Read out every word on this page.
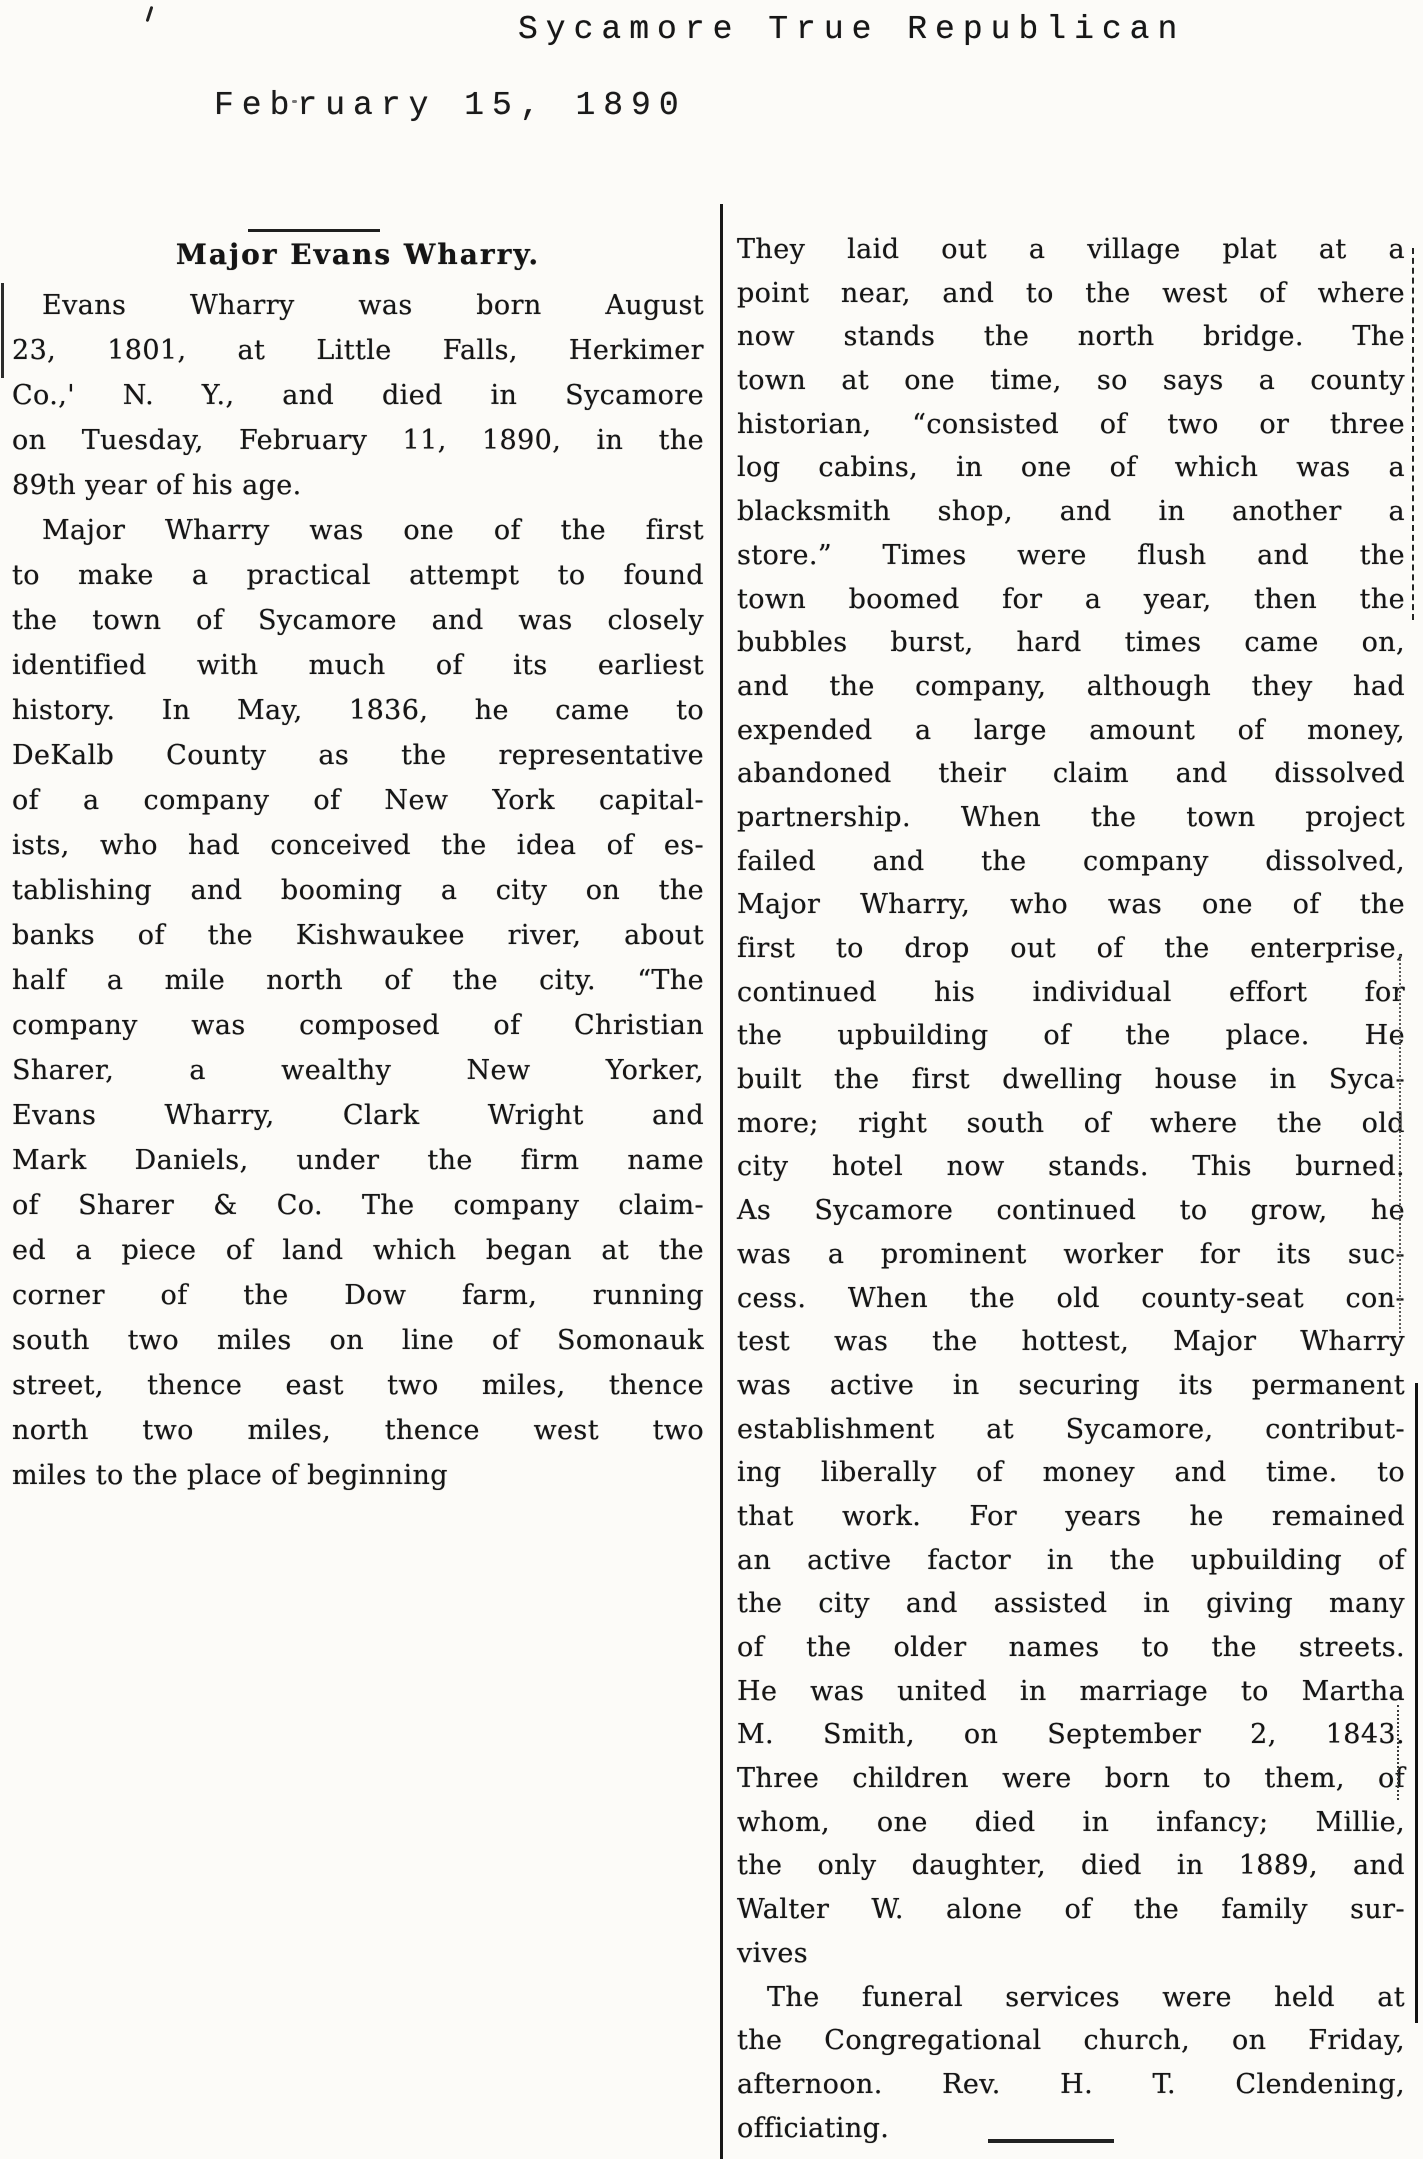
Sycamore True Republican
February 15, 1890
Major Evans Wharry.
Evans Wharry was born August
23, 1801, at Little Falls, Herkimer
Co.,' N. Y., and died in Sycamore
on Tuesday, February 11, 1890, in the
89th year of his age.
Major Wharry was one of the first
to make a practical attempt to found
the town of Sycamore and was closely
identified with much of its earliest
history. In May, 1836, he came to
DeKalb County as the representative
of a company of New York capital-
ists, who had conceived the idea of es-
tablishing and booming a city on the
banks of the Kishwaukee river, about
half a mile north of the city. “The
company was composed of Christian
Sharer, a wealthy New Yorker,
Evans Wharry, Clark Wright and
Mark Daniels, under the firm name
of Sharer & Co. The company claim-
ed a piece of land which began at the
corner of the Dow farm, running
south two miles on line of Somonauk
street, thence east two miles, thence
north two miles, thence west two
miles to the place of beginning
They laid out a village plat at a
point near, and to the west of where
now stands the north bridge. The
town at one time, so says a county
historian, “consisted of two or three
log cabins, in one of which was a
blacksmith shop, and in another a
store.” Times were flush and the
town boomed for a year, then the
bubbles burst, hard times came on,
and the company, although they had
expended a large amount of money,
abandoned their claim and dissolved
partnership. When the town project
failed and the company dissolved,
Major Wharry, who was one of the
first to drop out of the enterprise,
continued his individual effort for
the upbuilding of the place. He
built the first dwelling house in Syca-
more; right south of where the old
city hotel now stands. This burned.
As Sycamore continued to grow, he
was a prominent worker for its suc-
cess. When the old county-seat con-
test was the hottest, Major Wharry
was active in securing its permanent
establishment at Sycamore, contribut-
ing liberally of money and time. to
that work. For years he remained
an active factor in the upbuilding of
the city and assisted in giving many
of the older names to the streets.
He was united in marriage to Martha
M. Smith, on September 2, 1843.
Three children were born to them, of
whom, one died in infancy; Millie,
the only daughter, died in 1889, and
Walter W. alone of the family sur-
vives
The funeral services were held at
the Congregational church, on Friday,
afternoon. Rev. H. T. Clendening,
officiating.
